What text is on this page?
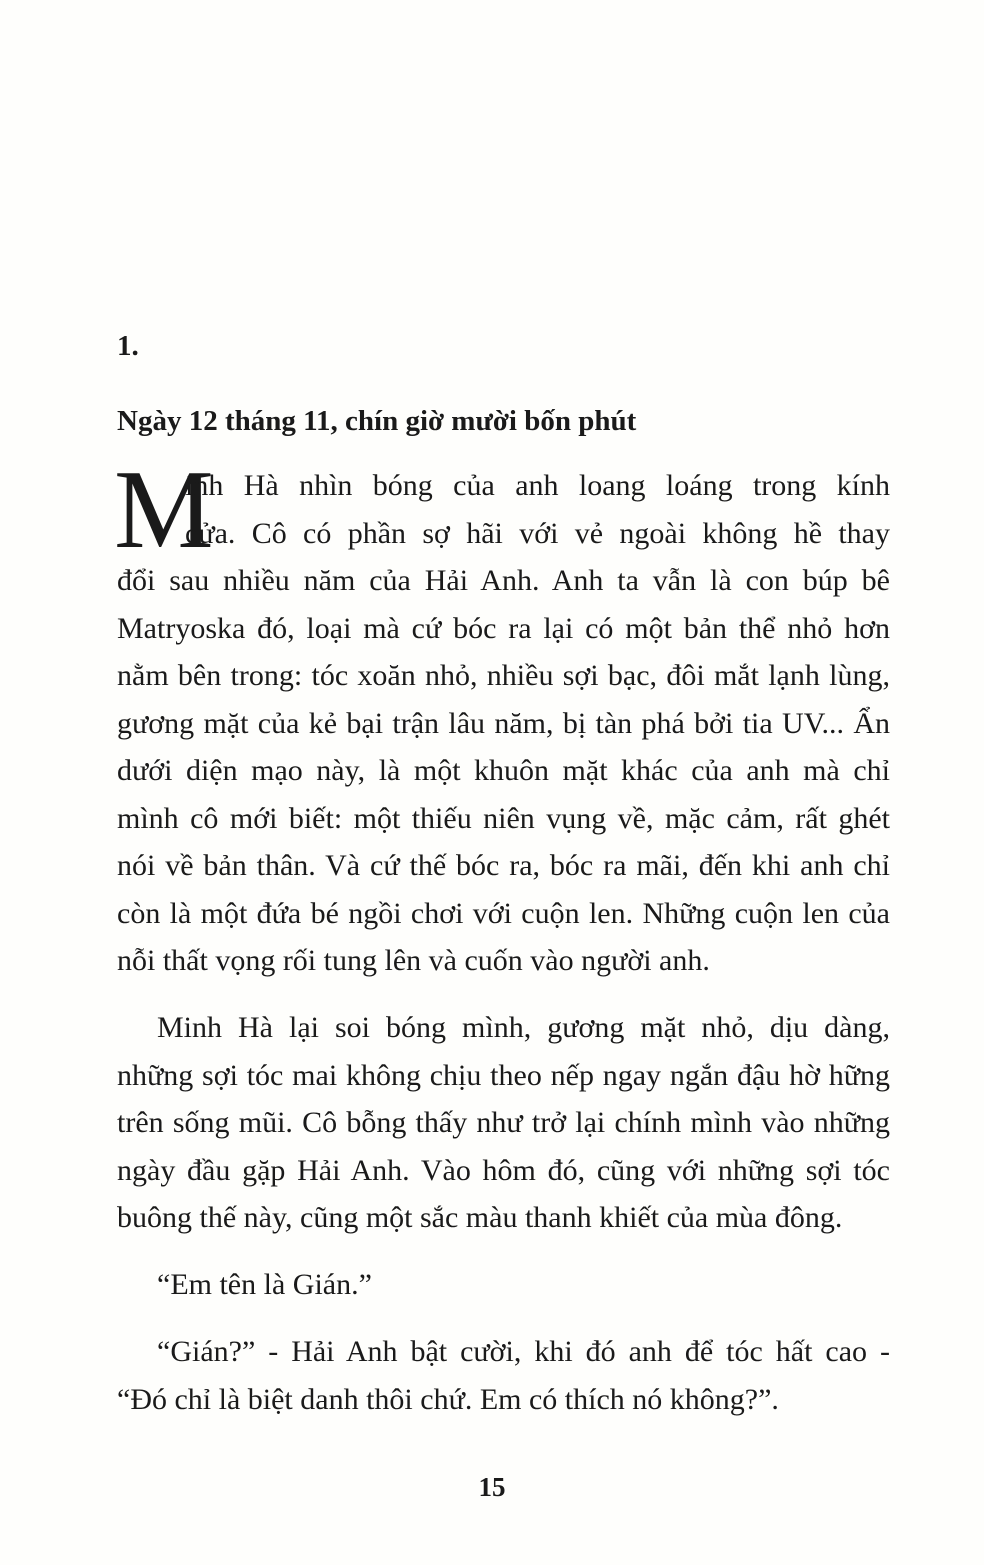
1.
Ngày 12 tháng 11, chín giờ mười bốn phút
M
inh Hà nhìn bóng của anh loang loáng trong kính
cửa. Cô có phần sợ hãi với vẻ ngoài không hề thay
đổi sau nhiều năm của Hải Anh. Anh ta vẫn là con búp bê
Matryoska đó, loại mà cứ bóc ra lại có một bản thể nhỏ hơn
nằm bên trong: tóc xoăn nhỏ, nhiều sợi bạc, đôi mắt lạnh lùng,
gương mặt của kẻ bại trận lâu năm, bị tàn phá bởi tia UV... Ẩn
dưới diện mạo này, là một khuôn mặt khác của anh mà chỉ
mình cô mới biết: một thiếu niên vụng về, mặc cảm, rất ghét
nói về bản thân. Và cứ thế bóc ra, bóc ra mãi, đến khi anh chỉ
còn là một đứa bé ngồi chơi với cuộn len. Những cuộn len của
nỗi thất vọng rối tung lên và cuốn vào người anh.
Minh Hà lại soi bóng mình, gương mặt nhỏ, dịu dàng,
những sợi tóc mai không chịu theo nếp ngay ngắn đậu hờ hững
trên sống mũi. Cô bỗng thấy như trở lại chính mình vào những
ngày đầu gặp Hải Anh. Vào hôm đó, cũng với những sợi tóc
buông thế này, cũng một sắc màu thanh khiết của mùa đông.
“Em tên là Gián.”
“Gián?” - Hải Anh bật cười, khi đó anh để tóc hất cao -
“Đó chỉ là biệt danh thôi chứ. Em có thích nó không?”.
15
